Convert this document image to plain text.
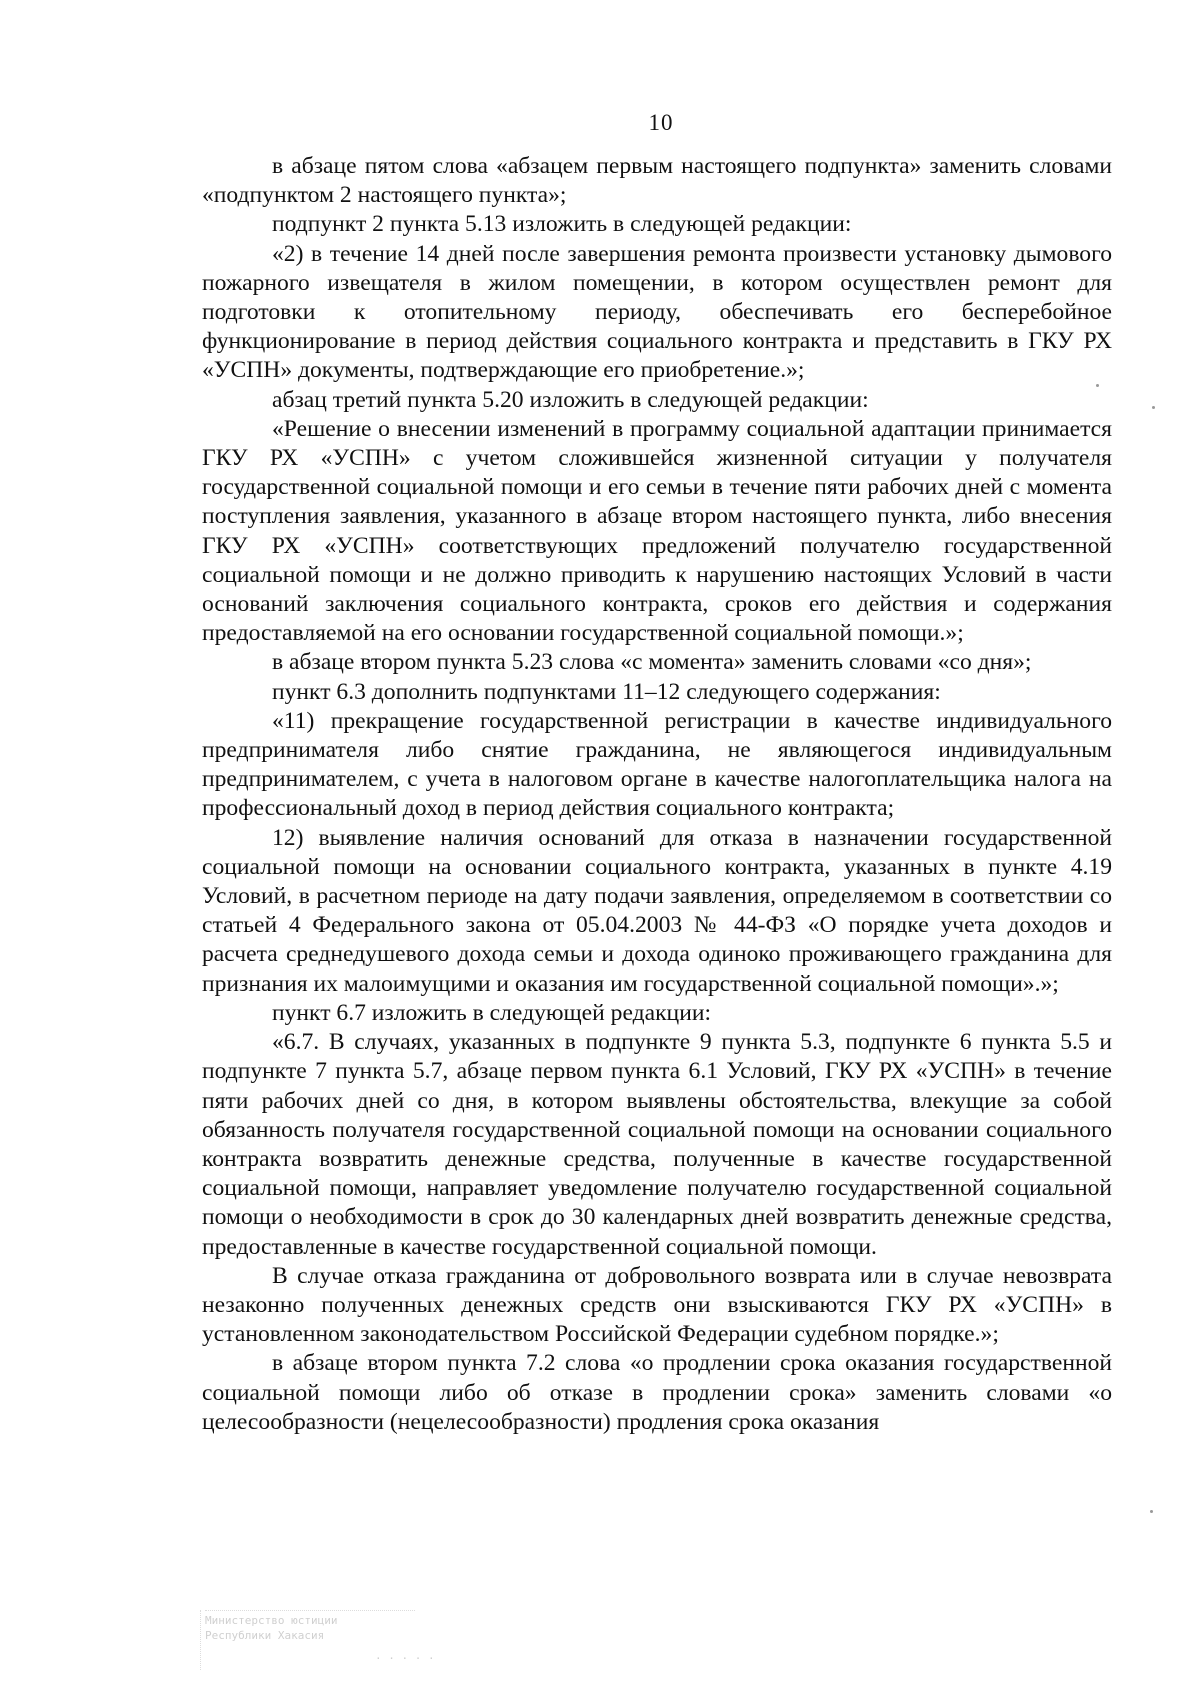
10

в абзаце пятом слова «абзацем первым настоящего подпункта» заменить словами «подпунктом 2 настоящего пункта»;

подпункт 2 пункта 5.13 изложить в следующей редакции:

«2) в течение 14 дней после завершения ремонта произвести установку дымового пожарного извещателя в жилом помещении, в котором осуществлен ремонт для подготовки к отопительному периоду, обеспечивать его бесперебойное функционирование в период действия социального контракта и представить в ГКУ РХ «УСПН» документы, подтверждающие его приобретение.»;

абзац третий пункта 5.20 изложить в следующей редакции:

«Решение о внесении изменений в программу социальной адаптации принимается ГКУ РХ «УСПН» с учетом сложившейся жизненной ситуации у получателя государственной социальной помощи и его семьи в течение пяти рабочих дней с момента поступления заявления, указанного в абзаце втором настоящего пункта, либо внесения ГКУ РХ «УСПН» соответствующих предложений получателю государственной социальной помощи и не должно приводить к нарушению настоящих Условий в части оснований заключения социального контракта, сроков его действия и содержания предоставляемой на его основании государственной социальной помощи.»;

в абзаце втором пункта 5.23 слова «с момента» заменить словами «со дня»;

пункт 6.3 дополнить подпунктами 11–12 следующего содержания:

«11) прекращение государственной регистрации в качестве индивидуального предпринимателя либо снятие гражданина, не являющегося индивидуальным предпринимателем, с учета в налоговом органе в качестве налогоплательщика налога на профессиональный доход в период действия социального контракта;

12) выявление наличия оснований для отказа в назначении государственной социальной помощи на основании социального контракта, указанных в пункте 4.19 Условий, в расчетном периоде на дату подачи заявления, определяемом в соответствии со статьей 4 Федерального закона от 05.04.2003 № 44-ФЗ «О порядке учета доходов и расчета среднедушевого дохода семьи и дохода одиноко проживающего гражданина для признания их малоимущими и оказания им государственной социальной помощи».»;

пункт 6.7 изложить в следующей редакции:

«6.7. В случаях, указанных в подпункте 9 пункта 5.3, подпункте 6 пункта 5.5 и подпункте 7 пункта 5.7, абзаце первом пункта 6.1 Условий, ГКУ РХ «УСПН» в течение пяти рабочих дней со дня, в котором выявлены обстоятельства, влекущие за собой обязанность получателя государственной социальной помощи на основании социального контракта возвратить денежные средства, полученные в качестве государственной социальной помощи, направляет уведомление получателю государственной социальной помощи о необходимости в срок до 30 календарных дней возвратить денежные средства, предоставленные в качестве государственной социальной помощи.

В случае отказа гражданина от добровольного возврата или в случае невозврата незаконно полученных денежных средств они взыскиваются ГКУ РХ «УСПН» в установленном законодательством Российской Федерации судебном порядке.»;

в абзаце втором пункта 7.2 слова «о продлении срока оказания государственной социальной помощи либо об отказе в продлении срока» заменить словами «о целесообразности (нецелесообразности) продления срока оказания

Министерство юстиции
Республики Хакасия
· · · · ·
